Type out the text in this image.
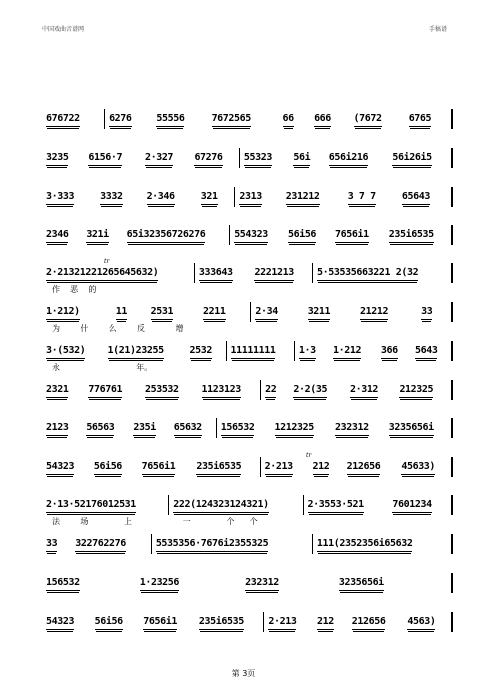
中国戏曲音谱网	手稿谱
676722	6276 55556	7672565	66 666 (7672	6765
3235 6156·7 2·327 67276 55323 56i 656i216 56i26i5
3·333	3332 2·346	321 2313 231212	3 7 7	65643
2346 321i 65i32356726276	554323 56i56 7656i1 235i6535
2·21321221265645632)	333643 2221213 5·53535663221 2(32
作    恶    的
tr
1·212)	11 2531	2211	2·34	3211	21212	33
为        什        么        反            增
3·(532) 1(21)23255	2532 11111111 1·3 1·212 366 5643
永                              年。
2321 776761 253532 1123123 22 2·2(35 2·312 212325
2123 56563 235i 65632 156532 1212325 232312 3235656i
54323 56i56 7656i1 235i6535 2·213 212 212656 45633)
tr
2·13·52176012531	222(124323124321)	2·3553·521	7601234
法        场              上                    一              个      个
33 322762276	5535356·7676i2355325	111(2352356i65632
156532	1·23256	232312	3235656i
54323 56i56 7656i1 235i6535 2·213 212 212656 4563)
第 3页
